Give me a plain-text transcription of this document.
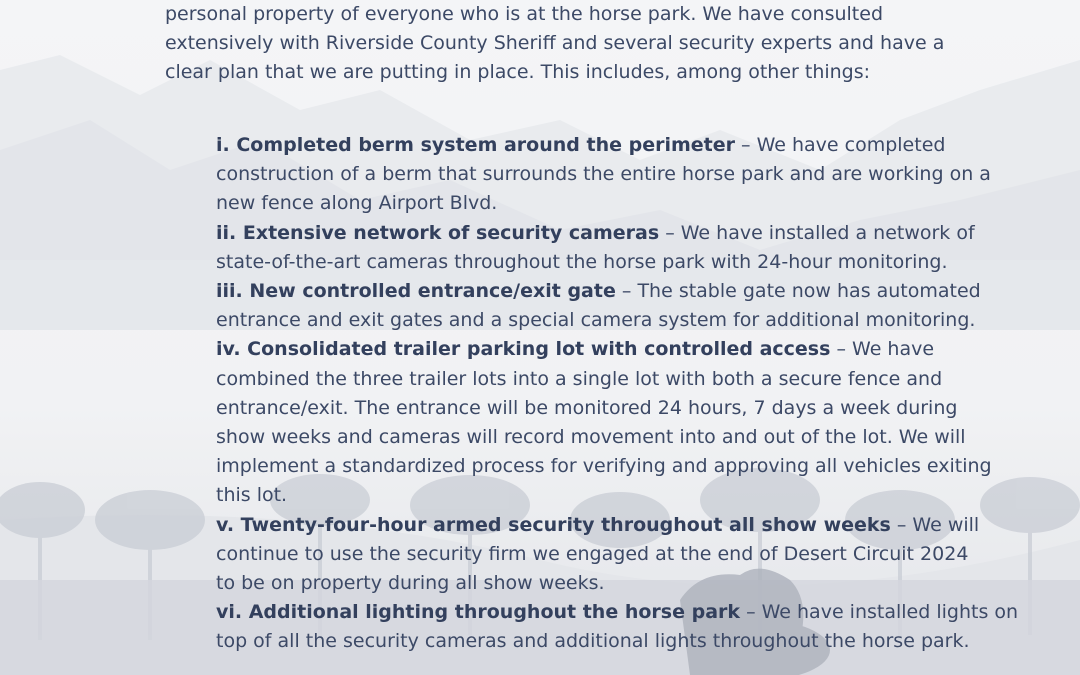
personal property of everyone who is at the horse park. We have consulted
extensively with Riverside County Sheriff and several security experts and have a
clear plan that we are putting in place. This includes, among other things:

i. Completed berm system around the perimeter – We have completed
construction of a berm that surrounds the entire horse park and are working on a
new fence along Airport Blvd.
ii. Extensive network of security cameras – We have installed a network of
state-of-the-art cameras throughout the horse park with 24-hour monitoring.
iii. New controlled entrance/exit gate – The stable gate now has automated
entrance and exit gates and a special camera system for additional monitoring.
iv. Consolidated trailer parking lot with controlled access – We have
combined the three trailer lots into a single lot with both a secure fence and
entrance/exit. The entrance will be monitored 24 hours, 7 days a week during
show weeks and cameras will record movement into and out of the lot. We will
implement a standardized process for verifying and approving all vehicles exiting
this lot.
v. Twenty-four-hour armed security throughout all show weeks – We will
continue to use the security firm we engaged at the end of Desert Circuit 2024
to be on property during all show weeks.
vi. Additional lighting throughout the horse park – We have installed lights on
top of all the security cameras and additional lights throughout the horse park.
